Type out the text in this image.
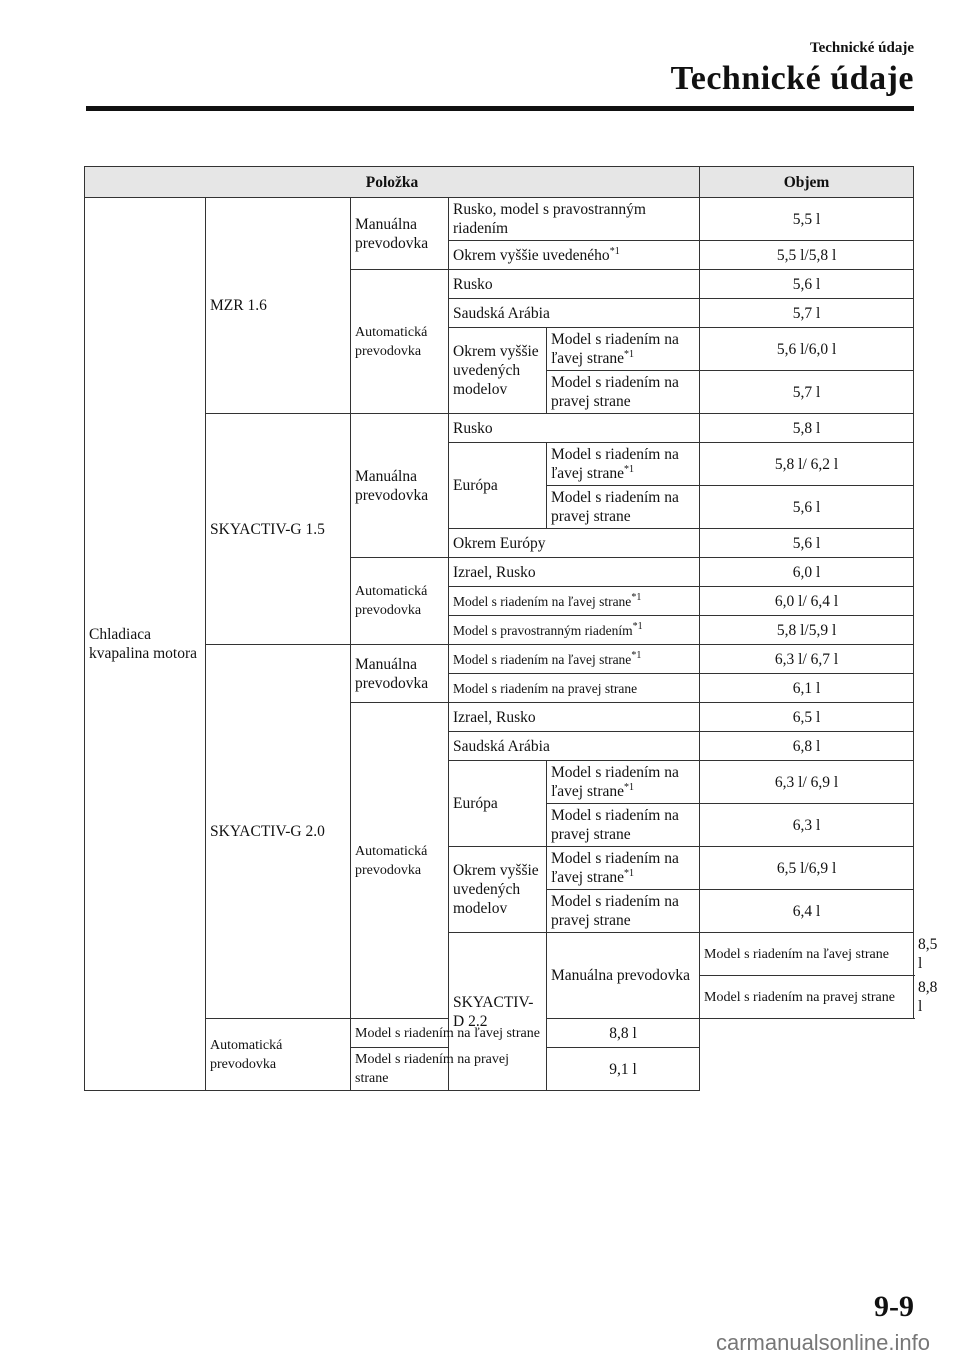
Technické údaje
Technické údaje
Položka					Objem	
Chladiaca kvapalina motora	MZR 1.6	Manuálna prevodovka	Rusko, model s pravostranným riadením		5,5 l	
			Okrem vyššie uvedeného$^{*1}$		5,5 l/5,8 l	
		Automatická prevodovka	Rusko		5,6 l	
			Saudská Arábia		5,7 l	
			Okrem vyššie uvedených modelov	Model s riadením na ľavej strane$^{*1}$	5,6 l/6,0 l	
				Model s riadením na pravej strane	5,7 l	
	SKYACTIV-G 1.5	Manuálna prevodovka	Rusko		5,8 l	
			Európa	Model s riadením na ľavej strane$^{*1}$	5,8 l/ 6,2 l	
				Model s riadením na pravej strane	5,6 l	
			Okrem Európy		5,6 l	
		Automatická prevodovka	Izrael, Rusko		6,0 l	
			Model s riadením na ľavej strane$^{*1}$		6,0 l/ 6,4 l	
			Model s pravostranným riadením$^{*1}$		5,8 l/5,9 l	
	SKYACTIV-G 2.0	Manuálna prevodovka	Model s riadením na ľavej strane$^{*1}$		6,3 l/ 6,7 l	
			Model s riadením na pravej strane		6,1 l	
		Automatická prevodovka	Izrael, Rusko		6,5 l	
			Saudská Arábia		6,8 l	
			Európa	Model s riadením na ľavej strane$^{*1}$	6,3 l/ 6,9 l	
				Model s riadením na pravej strane	6,3 l	
			Okrem vyššie uvedených modelov	Model s riadením na ľavej strane$^{*1}$	6,5 l/6,9 l	
				Model s riadením na pravej strane	6,4 l	
			SKYACTIV-D 2.2	Manuálna prevodovka	Model s riadením na ľavej strane	8,5 l
					Model s riadením na pravej strane	8,8 l
	Automatická prevodovka	Model s riadením na ľavej strane		8,8 l		
		Model s riadením na pravej strane		9,1 l		
9-9
carmanualsonline.info
